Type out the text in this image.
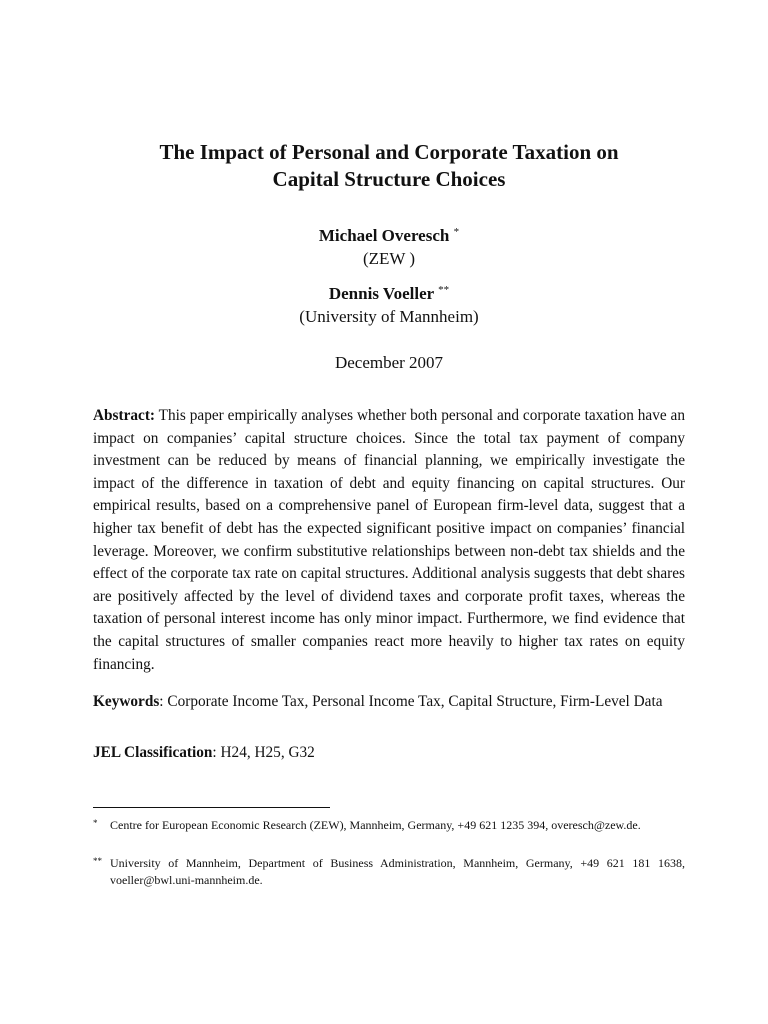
The Impact of Personal and Corporate Taxation on
Capital Structure Choices
Michael Overesch *
(ZEW )
Dennis Voeller **
(University of Mannheim)
December 2007
Abstract: This paper empirically analyses whether both personal and corporate taxation have an impact on companies’ capital structure choices. Since the total tax payment of company investment can be reduced by means of financial planning, we empirically investigate the impact of the difference in taxation of debt and equity financing on capital structures. Our empirical results, based on a comprehensive panel of European firm-level data, suggest that a higher tax benefit of debt has the expected significant positive impact on companies’ financial leverage. Moreover, we confirm substitutive relationships between non-debt tax shields and the effect of the corporate tax rate on capital structures. Additional analysis suggests that debt shares are positively affected by the level of dividend taxes and corporate profit taxes, whereas the taxation of personal interest income has only minor impact. Furthermore, we find evidence that the capital structures of smaller companies react more heavily to higher tax rates on equity financing.
Keywords: Corporate Income Tax, Personal Income Tax, Capital Structure, Firm-Level Data
JEL Classification: H24, H25, G32
* Centre for European Economic Research (ZEW), Mannheim, Germany, +49 621 1235 394, overesch@zew.de.
** University of Mannheim, Department of Business Administration, Mannheim, Germany, +49 621 181 1638, voeller@bwl.uni-mannheim.de.
